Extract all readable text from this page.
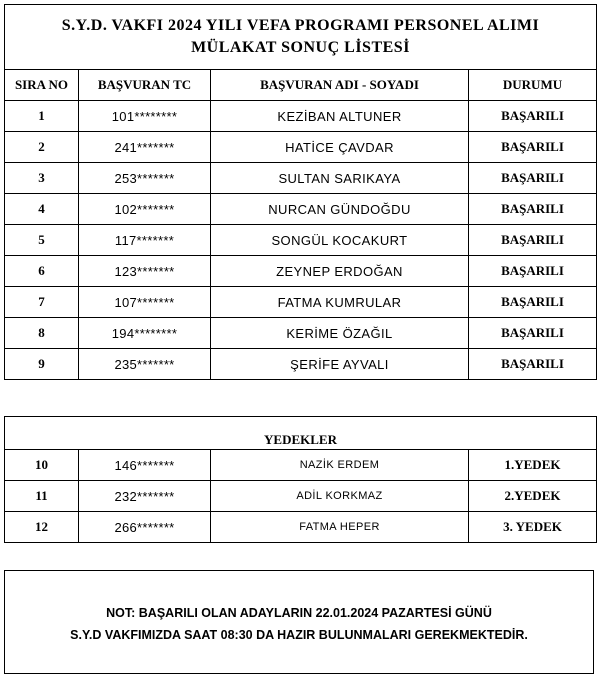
S.Y.D. VAKFI 2024 YILI VEFA PROGRAMI PERSONEL ALIMI
MÜLAKAT SONUÇ LİSTESİ			

SIRA NO	BAŞVURAN TC	BAŞVURAN ADI - SOYADI	DURUMU
1	101********	KEZİBAN ALTUNER	BAŞARILI
2	241*******	HATİCE ÇAVDAR	BAŞARILI
3	253*******	SULTAN SARIKAYA	BAŞARILI
4	102*******	NURCAN GÜNDOĞDU	BAŞARILI
5	117*******	SONGÜL KOCAKURT	BAŞARILI
6	123*******	ZEYNEP ERDOĞAN	BAŞARILI
7	107*******	FATMA KUMRULAR	BAŞARILI
8	194********	KERİME ÖZAĞIL	BAŞARILI
9	235*******	ŞERİFE AYVALI	BAŞARILI

YEDEKLER			
10	146*******	NAZİK ERDEM	1.YEDEK
11	232*******	ADİL KORKMAZ	2.YEDEK
12	266*******	FATMA HEPER	3. YEDEK
NOT: BAŞARILI OLAN ADAYLARIN 22.01.2024 PAZARTESİ GÜNÜ
S.Y.D VAKFIMIZDA SAAT 08:30 DA HAZIR BULUNMALARI GEREKMEKTEDİR.
